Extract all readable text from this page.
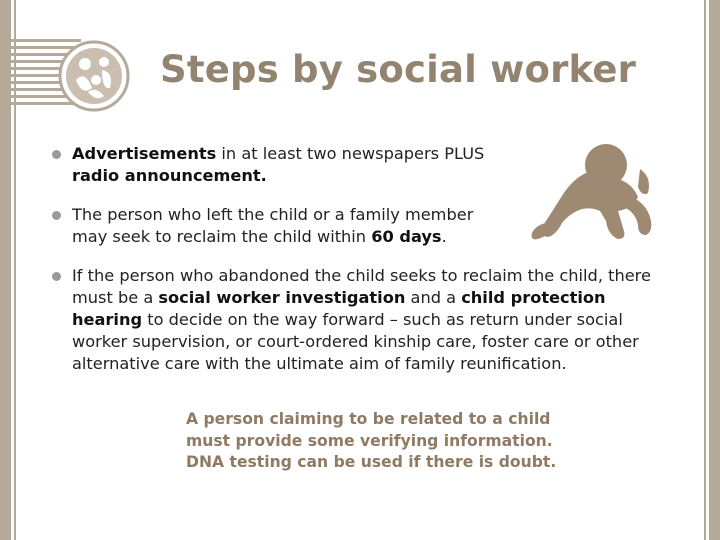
Steps by social worker
Advertisements in at least two newspapers PLUS radio announcement.
The person who left the child or a family member may seek to reclaim the child within 60 days.
If the person who abandoned the child seeks to reclaim the child, there must be a social worker investigation and a child protection hearing to decide on the way forward – such as return under social worker supervision, or court-ordered kinship care, foster care or other alternative care with the ultimate aim of family reunification.
A person claiming to be related to a child must provide some verifying information. DNA testing can be used if there is doubt.
